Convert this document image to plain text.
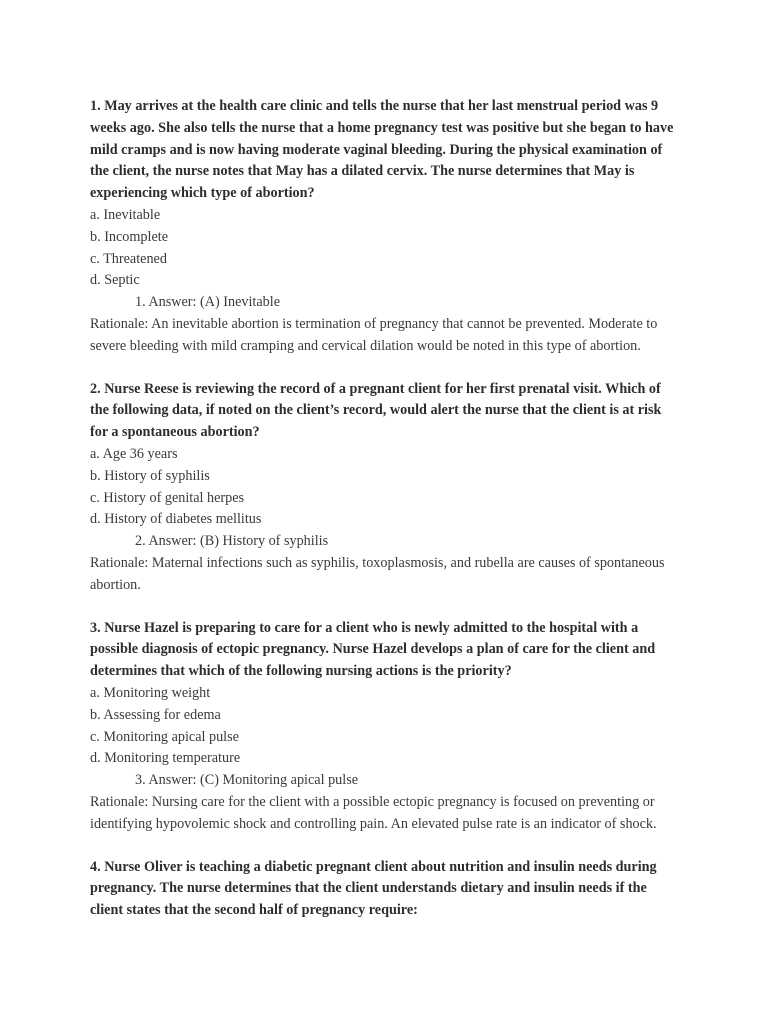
1. May arrives at the health care clinic and tells the nurse that her last menstrual period was 9 weeks ago. She also tells the nurse that a home pregnancy test was positive but she began to have mild cramps and is now having moderate vaginal bleeding. During the physical examination of the client, the nurse notes that May has a dilated cervix. The nurse determines that May is experiencing which type of abortion?

a. Inevitable

b. Incomplete

c. Threatened

d. Septic

1. Answer: (A) Inevitable

Rationale: An inevitable abortion is termination of pregnancy that cannot be prevented. Moderate to severe bleeding with mild cramping and cervical dilation would be noted in this type of abortion.

2. Nurse Reese is reviewing the record of a pregnant client for her first prenatal visit. Which of the following data, if noted on the client’s record, would alert the nurse that the client is at risk for a spontaneous abortion?

a. Age 36 years

b. History of syphilis

c. History of genital herpes

d. History of diabetes mellitus

2. Answer: (B) History of syphilis

Rationale: Maternal infections such as syphilis, toxoplasmosis, and rubella are causes of spontaneous abortion.

3. Nurse Hazel is preparing to care for a client who is newly admitted to the hospital with a possible diagnosis of ectopic pregnancy. Nurse Hazel develops a plan of care for the client and determines that which of the following nursing actions is the priority?

a. Monitoring weight

b. Assessing for edema

c. Monitoring apical pulse

d. Monitoring temperature

3. Answer: (C) Monitoring apical pulse

Rationale: Nursing care for the client with a possible ectopic pregnancy is focused on preventing or identifying hypovolemic shock and controlling pain. An elevated pulse rate is an indicator of shock.

4. Nurse Oliver is teaching a diabetic pregnant client about nutrition and insulin needs during pregnancy. The nurse determines that the client understands dietary and insulin needs if the client states that the second half of pregnancy require:
